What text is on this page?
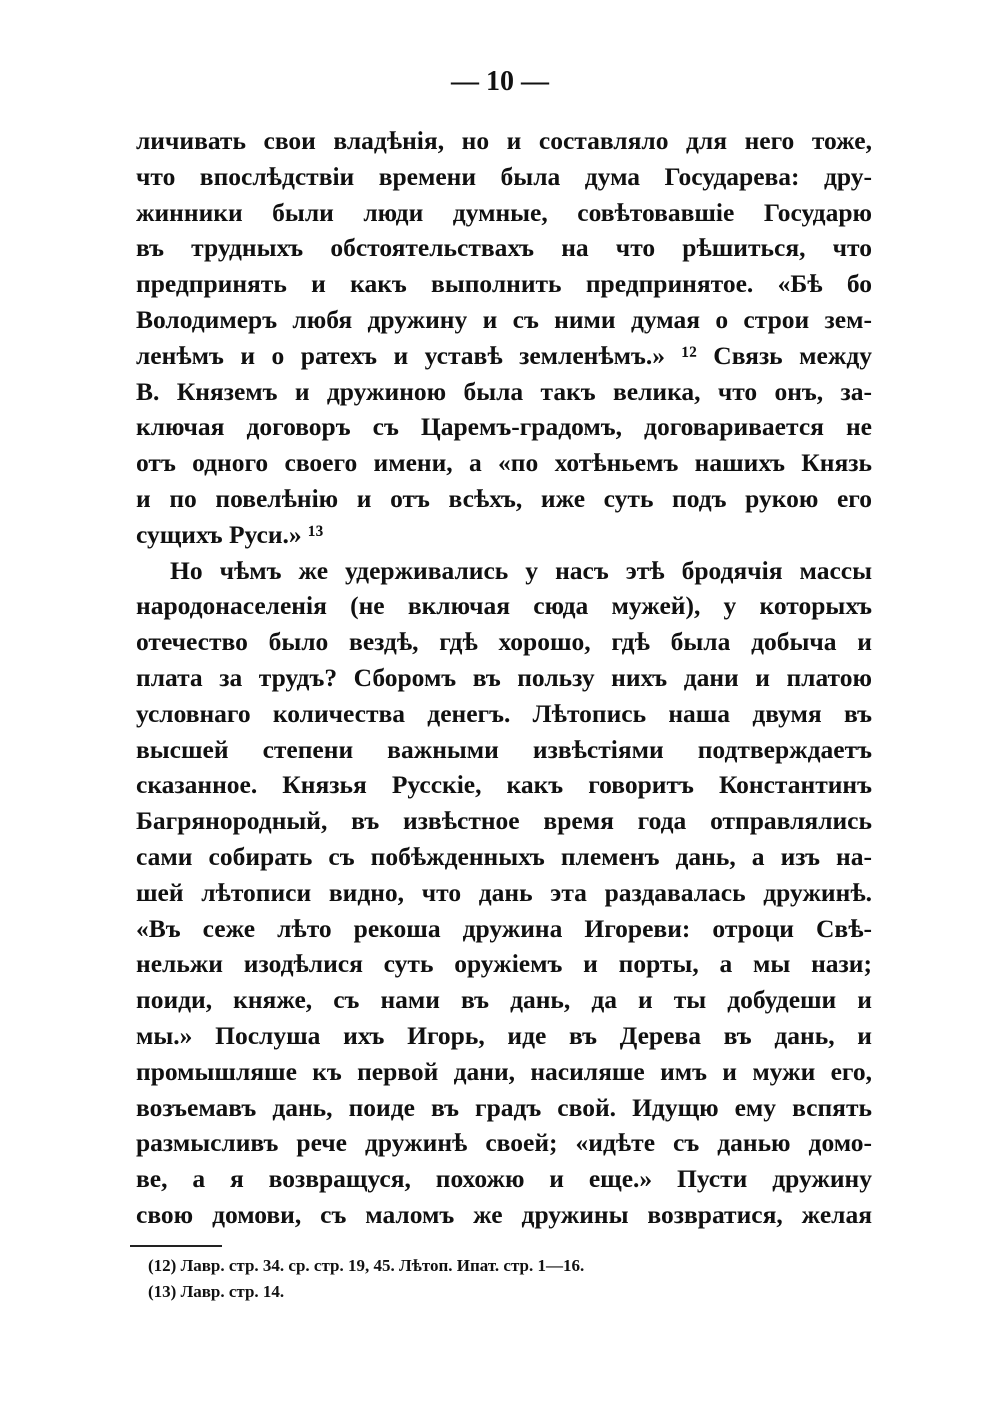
— 10 —
личивать свои владѣнія, но и составляло для него тоже,
что впослѣдствіи времени была дума Государева: дру-
жинники были люди думные, совѣтовавшіе Государю
въ трудныхъ обстоятельствахъ на что рѣшиться, что
предпринять и какъ выполнить предпринятое. «Бѣ бо
Володимеръ любя дружину и съ ними думая о строи зем-
ленѣмъ и о ратехъ и уставѣ земленѣмъ.» ¹² Связь между
В. Княземъ и дружиною была такъ велика, что онъ, за-
ключая договоръ съ Царемъ-градомъ, договаривается не
отъ одного своего имени, а «по хотѣньемъ нашихъ Князь
и по повелѣнію и отъ всѣхъ, иже суть подъ рукою его
сущихъ Руси.» ¹³
Но чѣмъ же удерживались у насъ этѣ бродячія массы
народонаселенія (не включая сюда мужей), у которыхъ
отечество было вездѣ, гдѣ хорошо, гдѣ была добыча и
плата за трудъ? Сборомъ въ пользу нихъ дани и платою
условнаго количества денегъ. Лѣтопись наша двумя въ
высшей степени важными извѣстіями подтверждаетъ
сказанное. Князья Русскіе, какъ говоритъ Константинъ
Багрянородный, въ извѣстное время года отправлялись
сами собирать съ побѣжденныхъ племенъ дань, а изъ на-
шей лѣтописи видно, что дань эта раздавалась дружинѣ.
«Въ сеже лѣто рекоша дружина Игореви: отроци Свѣ-
нельжи изодѣлися суть оружіемъ и порты, а мы нази;
поиди, княже, съ нами въ дань, да и ты добудеши и
мы.» Послуша ихъ Игорь, иде въ Дерева въ дань, и
промышляше къ первой дани, насиляше имъ и мужи его,
возъемавъ дань, поиде въ градъ свой. Идущю ему вспять
размысливъ рече дружинѣ своей; «идѣте съ данью домо-
ве, а я возвращуся, похожю и еще.» Пусти дружину
свою домови, съ маломъ же дружины возвратися, желая
(12) Лавр. стр. 34. ср. стр. 19, 45. Лѣтоп. Ипат. стр. 1—16.
(13) Лавр. стр. 14.
